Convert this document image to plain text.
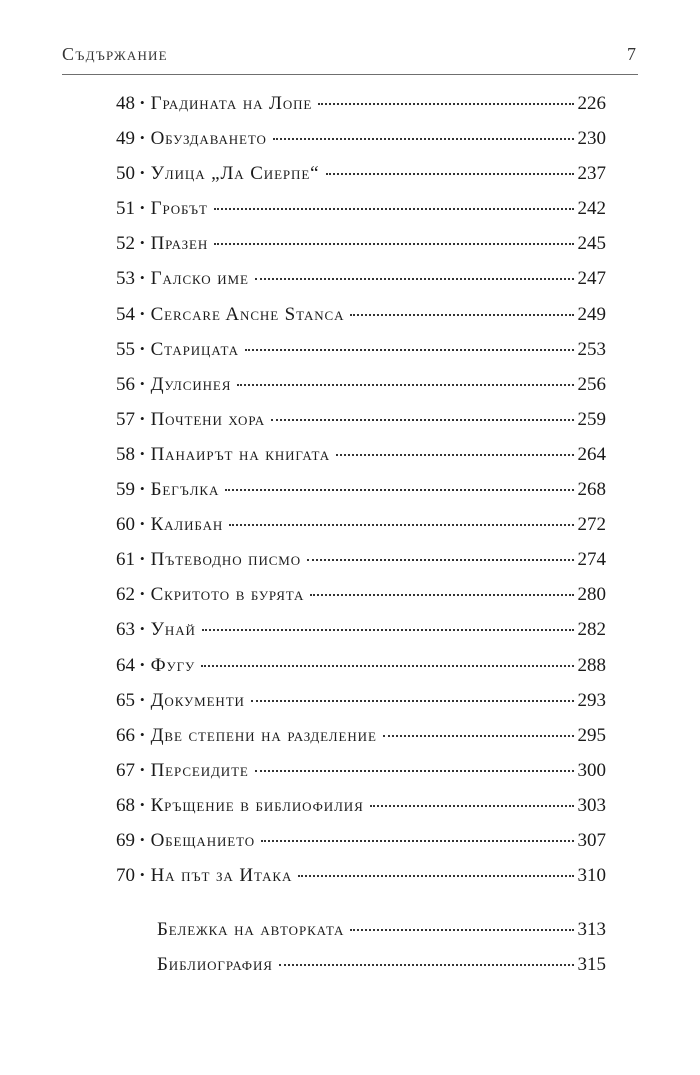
Съдържание	7
48 • Градината на Лопе	226
49 • Обуздаването	230
50 • Улица „Ла Сиерпе“	237
51 • Гробът	242
52 • Празен	245
53 • Галско име	247
54 • Cercare Anche Stanca	249
55 • Старицата	253
56 • Дулсинея	256
57 • Почтени хора	259
58 • Панаирът на книгата	264
59 • Бегълка	268
60 • Калибан	272
61 • Пътеводно писмо	274
62 • Скритото в бурята	280
63 • Унай	282
64 • Фугу	288
65 • Документи	293
66 • Две степени на разделение	295
67 • Персеидите	300
68 • Кръщение в библиофилия	303
69 • Обещанието	307
70 • На път за Итака	310
Бележка на авторката	313
Библиография	315
